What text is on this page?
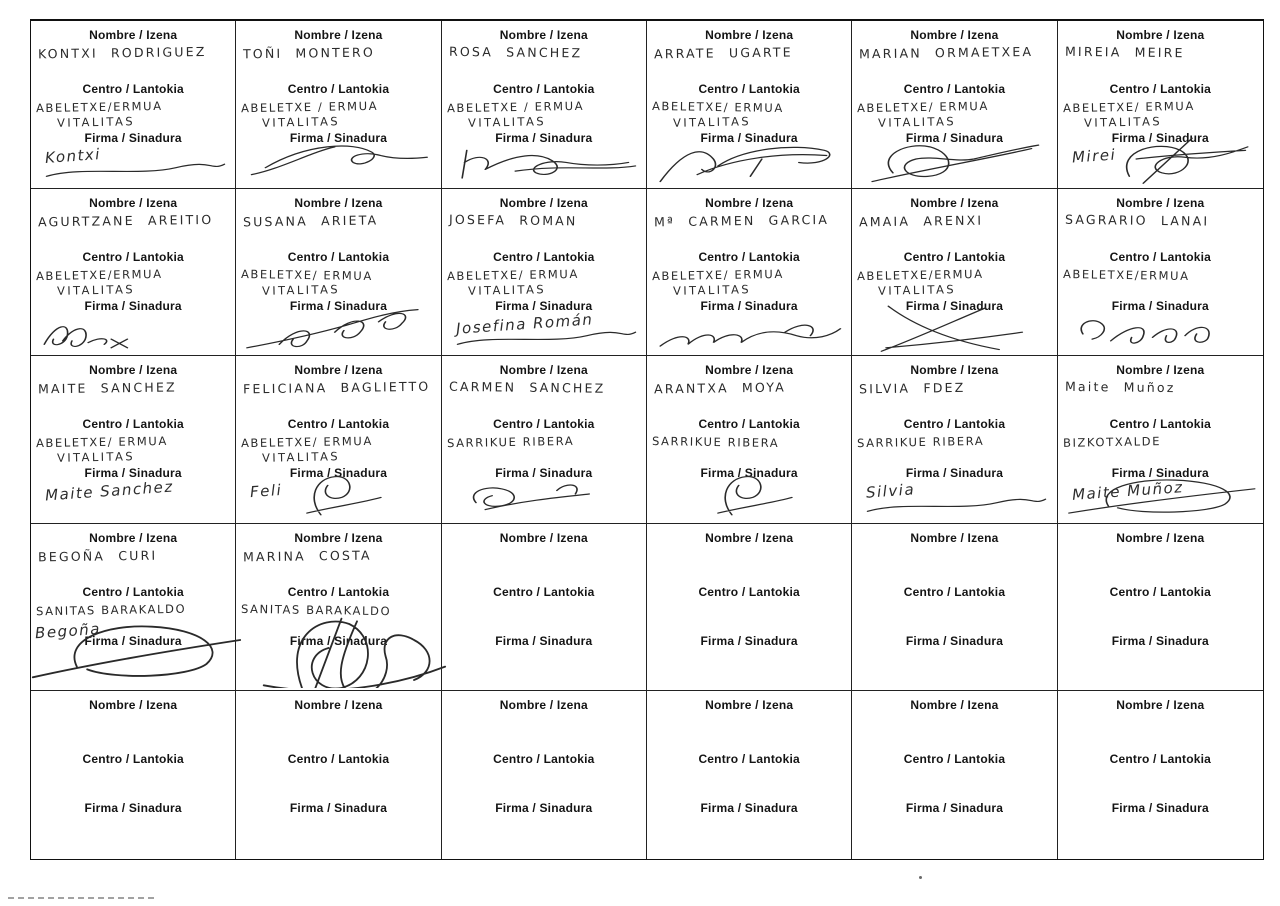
Nombre / Izena
KONTXI RODRIGUEZ
Centro / Lantokia
ABELETXE/ERMUA
VITALITAS
Firma / Sinadura
Kontxi
Nombre / Izena
TOÑI MONTERO
Centro / Lantokia
ABELETXE / ERMUA
VITALITAS
Firma / Sinadura
Nombre / Izena
ROSA SANCHEZ
Centro / Lantokia
ABELETXE / ERMUA
VITALITAS
Firma / Sinadura
Nombre / Izena
ARRATE UGARTE
Centro / Lantokia
ABELETXE/ ERMUA
VITALITAS
Firma / Sinadura
Nombre / Izena
MARIAN ORMAETXEA
Centro / Lantokia
ABELETXE/ ERMUA
VITALITAS
Firma / Sinadura
Nombre / Izena
MIREIA MEIRE
Centro / Lantokia
ABELETXE/ ERMUA
VITALITAS
Firma / Sinadura
Mirei
Nombre / Izena
AGURTZANE AREITIO
Centro / Lantokia
ABELETXE/ERMUA
VITALITAS
Firma / Sinadura
Nombre / Izena
SUSANA ARIETA
Centro / Lantokia
ABELETXE/ ERMUA
VITALITAS
Firma / Sinadura
Nombre / Izena
JOSEFA ROMAN
Centro / Lantokia
ABELETXE/ ERMUA
VITALITAS
Firma / Sinadura
Josefina Román
Nombre / Izena
Mª CARMEN GARCIA
Centro / Lantokia
ABELETXE/ ERMUA
VITALITAS
Firma / Sinadura
Nombre / Izena
AMAIA ARENXI
Centro / Lantokia
ABELETXE/ERMUA
VITALITAS
Firma / Sinadura
Nombre / Izena
SAGRARIO LANAI
Centro / Lantokia
ABELETXE/ERMUA
Firma / Sinadura
Nombre / Izena
MAITE SANCHEZ
Centro / Lantokia
ABELETXE/ ERMUA
VITALITAS
Firma / Sinadura
Maite Sanchez
Nombre / Izena
FELICIANA BAGLIETTO
Centro / Lantokia
ABELETXE/ ERMUA
VITALITAS
Firma / Sinadura
Feli
Nombre / Izena
CARMEN SANCHEZ
Centro / Lantokia
SARRIKUE RIBERA
Firma / Sinadura
Nombre / Izena
ARANTXA MOYA
Centro / Lantokia
SARRIKUE RIBERA
Firma / Sinadura
Nombre / Izena
SILVIA FDEZ
Centro / Lantokia
SARRIKUE RIBERA
Firma / Sinadura
Silvia
Nombre / Izena
Maite Muñoz
Centro / Lantokia
BIZKOTXALDE
Firma / Sinadura
Maite Muñoz
Nombre / Izena
BEGOÑA CURI
Centro / Lantokia
SANITAS BARAKALDO
Firma / Sinadura
Begoña
Nombre / Izena
MARINA COSTA
Centro / Lantokia
SANITAS BARAKALDO
Firma / Sinadura
Nombre / Izena
Centro / Lantokia
Firma / Sinadura
Nombre / Izena
Centro / Lantokia
Firma / Sinadura
Nombre / Izena
Centro / Lantokia
Firma / Sinadura
Nombre / Izena
Centro / Lantokia
Firma / Sinadura
Nombre / Izena
Centro / Lantokia
Firma / Sinadura
Nombre / Izena
Centro / Lantokia
Firma / Sinadura
Nombre / Izena
Centro / Lantokia
Firma / Sinadura
Nombre / Izena
Centro / Lantokia
Firma / Sinadura
Nombre / Izena
Centro / Lantokia
Firma / Sinadura
Nombre / Izena
Centro / Lantokia
Firma / Sinadura
